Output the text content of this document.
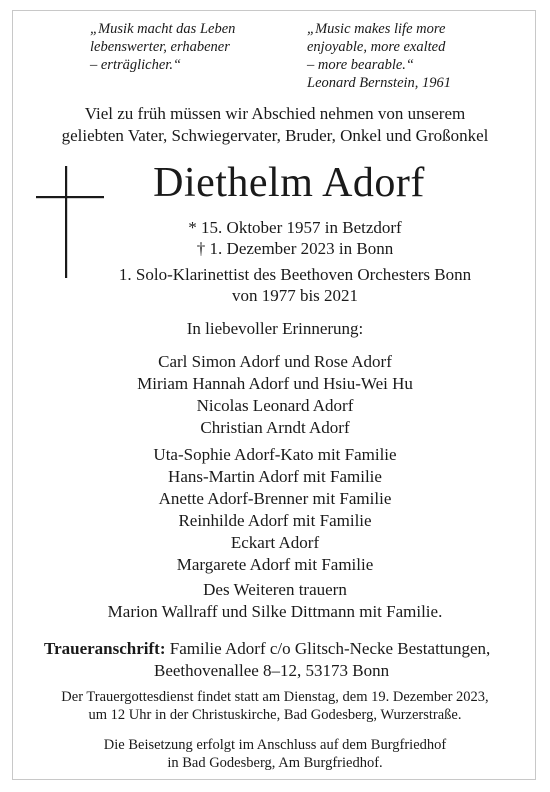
„Musik macht das Leben
lebenswerter, erhabener
– erträglicher.“
„Music makes life more
enjoyable, more exalted
– more bearable.“
Leonard Bernstein, 1961
Viel zu früh müssen wir Abschied nehmen von unserem
geliebten Vater, Schwiegervater, Bruder, Onkel und Großonkel
Diethelm Adorf
* 15. Oktober 1957 in Betzdorf
† 1. Dezember 2023 in Bonn
1. Solo-Klarinettist des Beethoven Orchesters Bonn
von 1977 bis 2021
In liebevoller Erinnerung:
Carl Simon Adorf und Rose Adorf
Miriam Hannah Adorf und Hsiu-Wei Hu
Nicolas Leonard Adorf
Christian Arndt Adorf
Uta-Sophie Adorf-Kato mit Familie
Hans-Martin Adorf mit Familie
Anette Adorf-Brenner mit Familie
Reinhilde Adorf mit Familie
Eckart Adorf
Margarete Adorf mit Familie
Des Weiteren trauern
Marion Wallraff und Silke Dittmann mit Familie.
Traueranschrift: Familie Adorf c/o Glitsch-Necke Bestattungen,
Beethovenallee 8–12, 53173 Bonn
Der Trauergottesdienst findet statt am Dienstag, dem 19. Dezember 2023,
um 12 Uhr in der Christuskirche, Bad Godesberg, Wurzerstraße.
Die Beisetzung erfolgt im Anschluss auf dem Burgfriedhof
in Bad Godesberg, Am Burgfriedhof.
